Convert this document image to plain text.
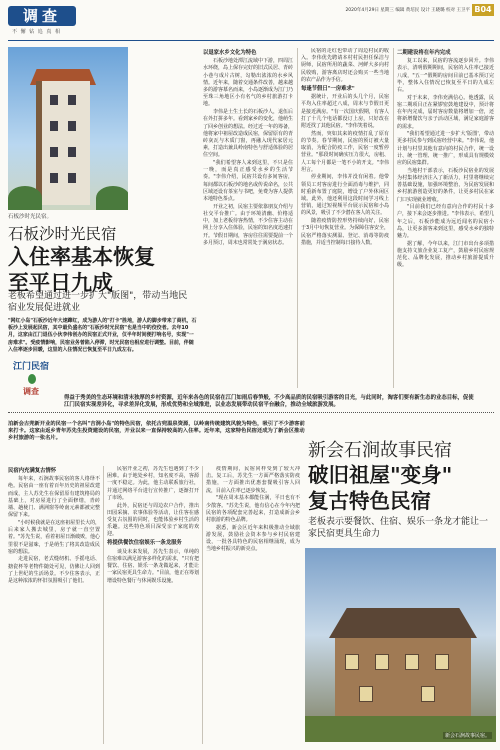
调查
不 懈 钻 追 真 相
2020年4月29日 星期三 编辑 黄培民 设计 王晓璐 校对 王卫平 B04
石板沙时光民宿。
石板沙时光民宿
入住率基本恢复
至平日九成
老板希望通过进一步扩大"版图"，带动当地民宿业发展促进就业
"网红小岛"石板沙近年大速蹿红，成为游人的"打卡"胜地，游人的脚步带来了商机，石板沙上发展起民宿，其中最负盛名的"石板沙时光民宿"也是当中的佼佼者。去年10月，这家由江门退伍小伙李伟创办的民宿正式开业，仅半年时间便打响名号，实现"一房难求"。受疫情影响，民宿业务曾陷入停滞，时光民宿也相应进行调整。目前，伴随入住率逐步回暖，这里的入住情况已恢复至平日九成左右。
江门民宿
调查

以退家水乡文化为特色

石板沙地处潭江流域中下游，四周江水环绕，岛上保存完好的旧式民居、青砖小巷与成片古树，勾勒出浓浓的水乡风情。近年来，随着交通条件改善，越来越多的游客慕名而来，小岛逐渐成为江门乃至珠三角地区小有名气的乡村旅游打卡地。

李伟是土生土长的石板沙人，退伍后在外打拼多年。看到家乡的变化，他萌生了回乡创业的想法。经过近一年的筹备，他将家中祖屋改造成民宿，保留原有的青砖灰瓦与木质门窗，再融入现代家居元素，打造出兼具岭南特色与舒适体验的居住空间。

"我们希望客人来到这里，不只是住一晚，而是真正感受水乡的生活节奏。"李伟介绍，民宿共设有多间客房，每间都以石板沙的地名或传说命名，公共区域还设有茶室与书吧，免费为客人提供本地特色茶点。

开业之初，民宿主要依靠朋友介绍与社交平台推广。由于环境清幽、价格适中，加上老板待客热情，不少住客主动在网上分享入住体验，民宿的知名度迅速打开。节假日期间，客房往往需要提前一个多月预订，周末也常常处于满房状态。

民宿的走红也带动了周边村民的收入。李伟优先聘请本村村民担任保洁与厨师，民宿所用的蔬菜、河鲜大多向村民收购，游客离店时还会购买一些当地的农产品作为手信。

每逢节假日"一房难求"

据统计，开业后的头几个月，民宿平均入住率超过八成，周末与节假日更是接近满房。"有一次国庆假期，有客人打了十几个电话都没订上房，只好改在附近找了其他民宿。"李伟笑着说。

然而，突如其来的疫情打乱了原有的节奏。春节期间，民宿的预订被大量取消，为配合防疫工作，民宿一度暂停营业。"那段时间确实压力很大，房租、人工每个月都是一笔不小的开支。"李伟坦言。

停业期间，李伟并没有闲着。他带领员工对客房进行全面消毒与维护，同时重新布置了庭院，增设了户外休闲区域。此外，他还利用这段时间学习线上营销，通过短视频平台展示民宿和小岛的风景，吸引了不少潜在客人的关注。

随着疫情防控形势持续向好，民宿于3月中旬恢复营业。为保障住客安全，民宿严格落实测温、登记、消毒等防疫措施，并适当控制每日接待人数。

二期建设将在年内完成

复工以来，民宿的客流逐步回升。李伟表示，清明假期期间，民宿的入住率已接近八成，"五一"假期的房间目前已基本预订完毕，整体入住情况已恢复至平日的九成左右。

对于未来，李伟充满信心。他透露，民宿二期项目正在紧锣密鼓地建设中，预计将在年内完成，届时客房数量将增加一倍，还将新增餐饮与亲子活动区域，满足家庭游客的需求。

"我们希望通过进一步扩大'版图'，带动更多村民参与到民宿经营中来。"李伟说，他计划与村里其他有意向的村民合作，统一设计、统一管理、统一推广，形成具有规模效应的民宿集群。

当地村干部表示，石板沙民宿业的发展为村集体经济注入了新活力，村里将继续完善基础设施，加强环境整治，为民宿发展和乡村旅游创造更好的条件，让更多村民在家门口实现就业增收。

"目前我们已经有意向合作的村民十多户，接下来会逐步推进。"李伟表示，希望几年之后，石板沙能成为远近闻名的民宿小岛，让更多游客来到这里，感受水乡的独特魅力。

据了解，今年以来，江门市出台多项措施支持文旅企业复工复产，鼓励乡村民宿规范化、品牌化发展，推动乡村旅游提质升级。

得益于秀美的生态环境和清末独厚的乡村资源，近年来各色的民宿在江门如雨后春笋般，不少高品质的民宿吸引游客的目光，与此同时，淘客们要有新生态的业态目标，促使江门民宿实现差异化，寻求差异化发展，形成优势和全域推进，以业态发展带动民宿平台融合，推动全域旅游发展。
泊新会古兜新开业的民宿一个名叫"吉洞小岛"的特色民宿，依托古兜温泉资源，以岭南传统建筑风貌为特色，吸引了不少游客前来打卡。这家由返乡青年苏先生投资建设的民宿，开业以来一直保持较高的入住率。近年来，这家特色民宿还成为了新会区推动乡村旅游的一张名片。
新会石涧故事民宿
破旧祖屋"变身"
复古特色民宿
老板表示要餐饮、住宿、娱乐一条龙才能让一家民宿更具生命力

民宿内充满复古情怀

每年来，石涧故事民宿的客人络绎不绝。民宿由一座有着百年历史的祖屋改建而成，主人苏先生在保留原有建筑格局的基础上，对房屋进行了全面修缮，青砖墙、趟栊门、满洲窗等岭南元素都被完整保留下来。

"小时候我就是在这座祖屋里长大的，后来家人搬去城里，房子就一直空置着。"苏先生说，看着祖屋日渐破败，他心里很不是滋味，于是萌生了将其改造成民宿的想法。

走进民宿，老式缝纫机、手摇电话、搪瓷杯等老物件随处可见，仿佛让人回到了上世纪的生活场景。不少住客表示，正是这种浓浓的怀旧氛围吸引了他们。

民宿开业之初，苏先生也遇到了不少困难。由于地处乡村，知名度不高，客源一度不稳定。为此，他主动联系旅行社，并通过网络平台进行宣传推广，逐渐打开了市场。

此外，民宿还与周边农户合作，推出田园采摘、农事体验等活动，让住客在感受复古氛围的同时，也能体验乡村生活的乐趣。这些特色项目深受亲子家庭的欢迎。

将提供餐饮住宿娱乐一条龙服务

谈及未来发展，苏先生表示，单纯的住宿难以满足游客多样化的需求，"只有把餐饮、住宿、娱乐一条龙做起来，才能让一家民宿更具生命力。"目前，他正在筹划增设特色餐厅与休闲娱乐设施。

疫情期间，民宿同样受到了较大冲击。复工后，苏先生一方面严格落实防疫措施，一方面推出优惠套餐吸引客人回流，目前入住率已逐步恢复。

"现在周末基本都能住满，平日也有不少散客。"苏先生说，他有信心在今年内把民宿的各项配套完善起来，打造成新会乡村旅游的特色品牌。

据悉，新会区近年来积极推动全域旅游发展，鼓励社会资本参与乡村民宿建设，一批各具特色的民宿相继涌现，成为当地乡村振兴的新亮点。

新会石涧故事民宿。
